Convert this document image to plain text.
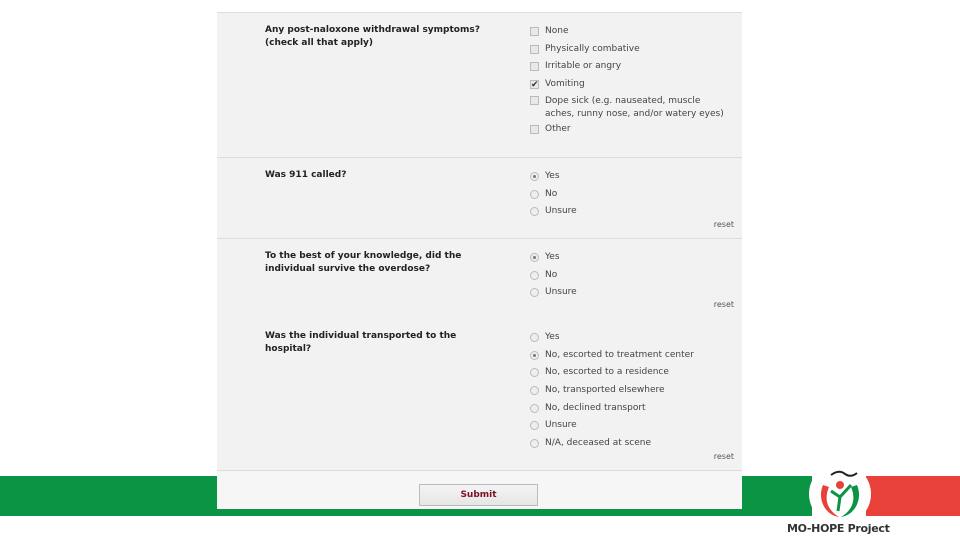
Any post-naloxone withdrawal symptoms? (check all that apply)
None
Physically combative
Irritable or angry
✔ Vomiting
Dope sick (e.g. nauseated, muscle aches, runny nose, and/or watery eyes)
Other
Was 911 called?	Yes
No
Unsure
reset
To the best of your knowledge, did the individual survive the overdose?
Yes
No
Unsure
reset
Was the individual transported to the hospital?
Yes
No, escorted to treatment center
No, escorted to a residence
No, transported elsewhere
No, declined transport
Unsure
N/A, deceased at scene
reset
Submit
MO-HOPE Project
